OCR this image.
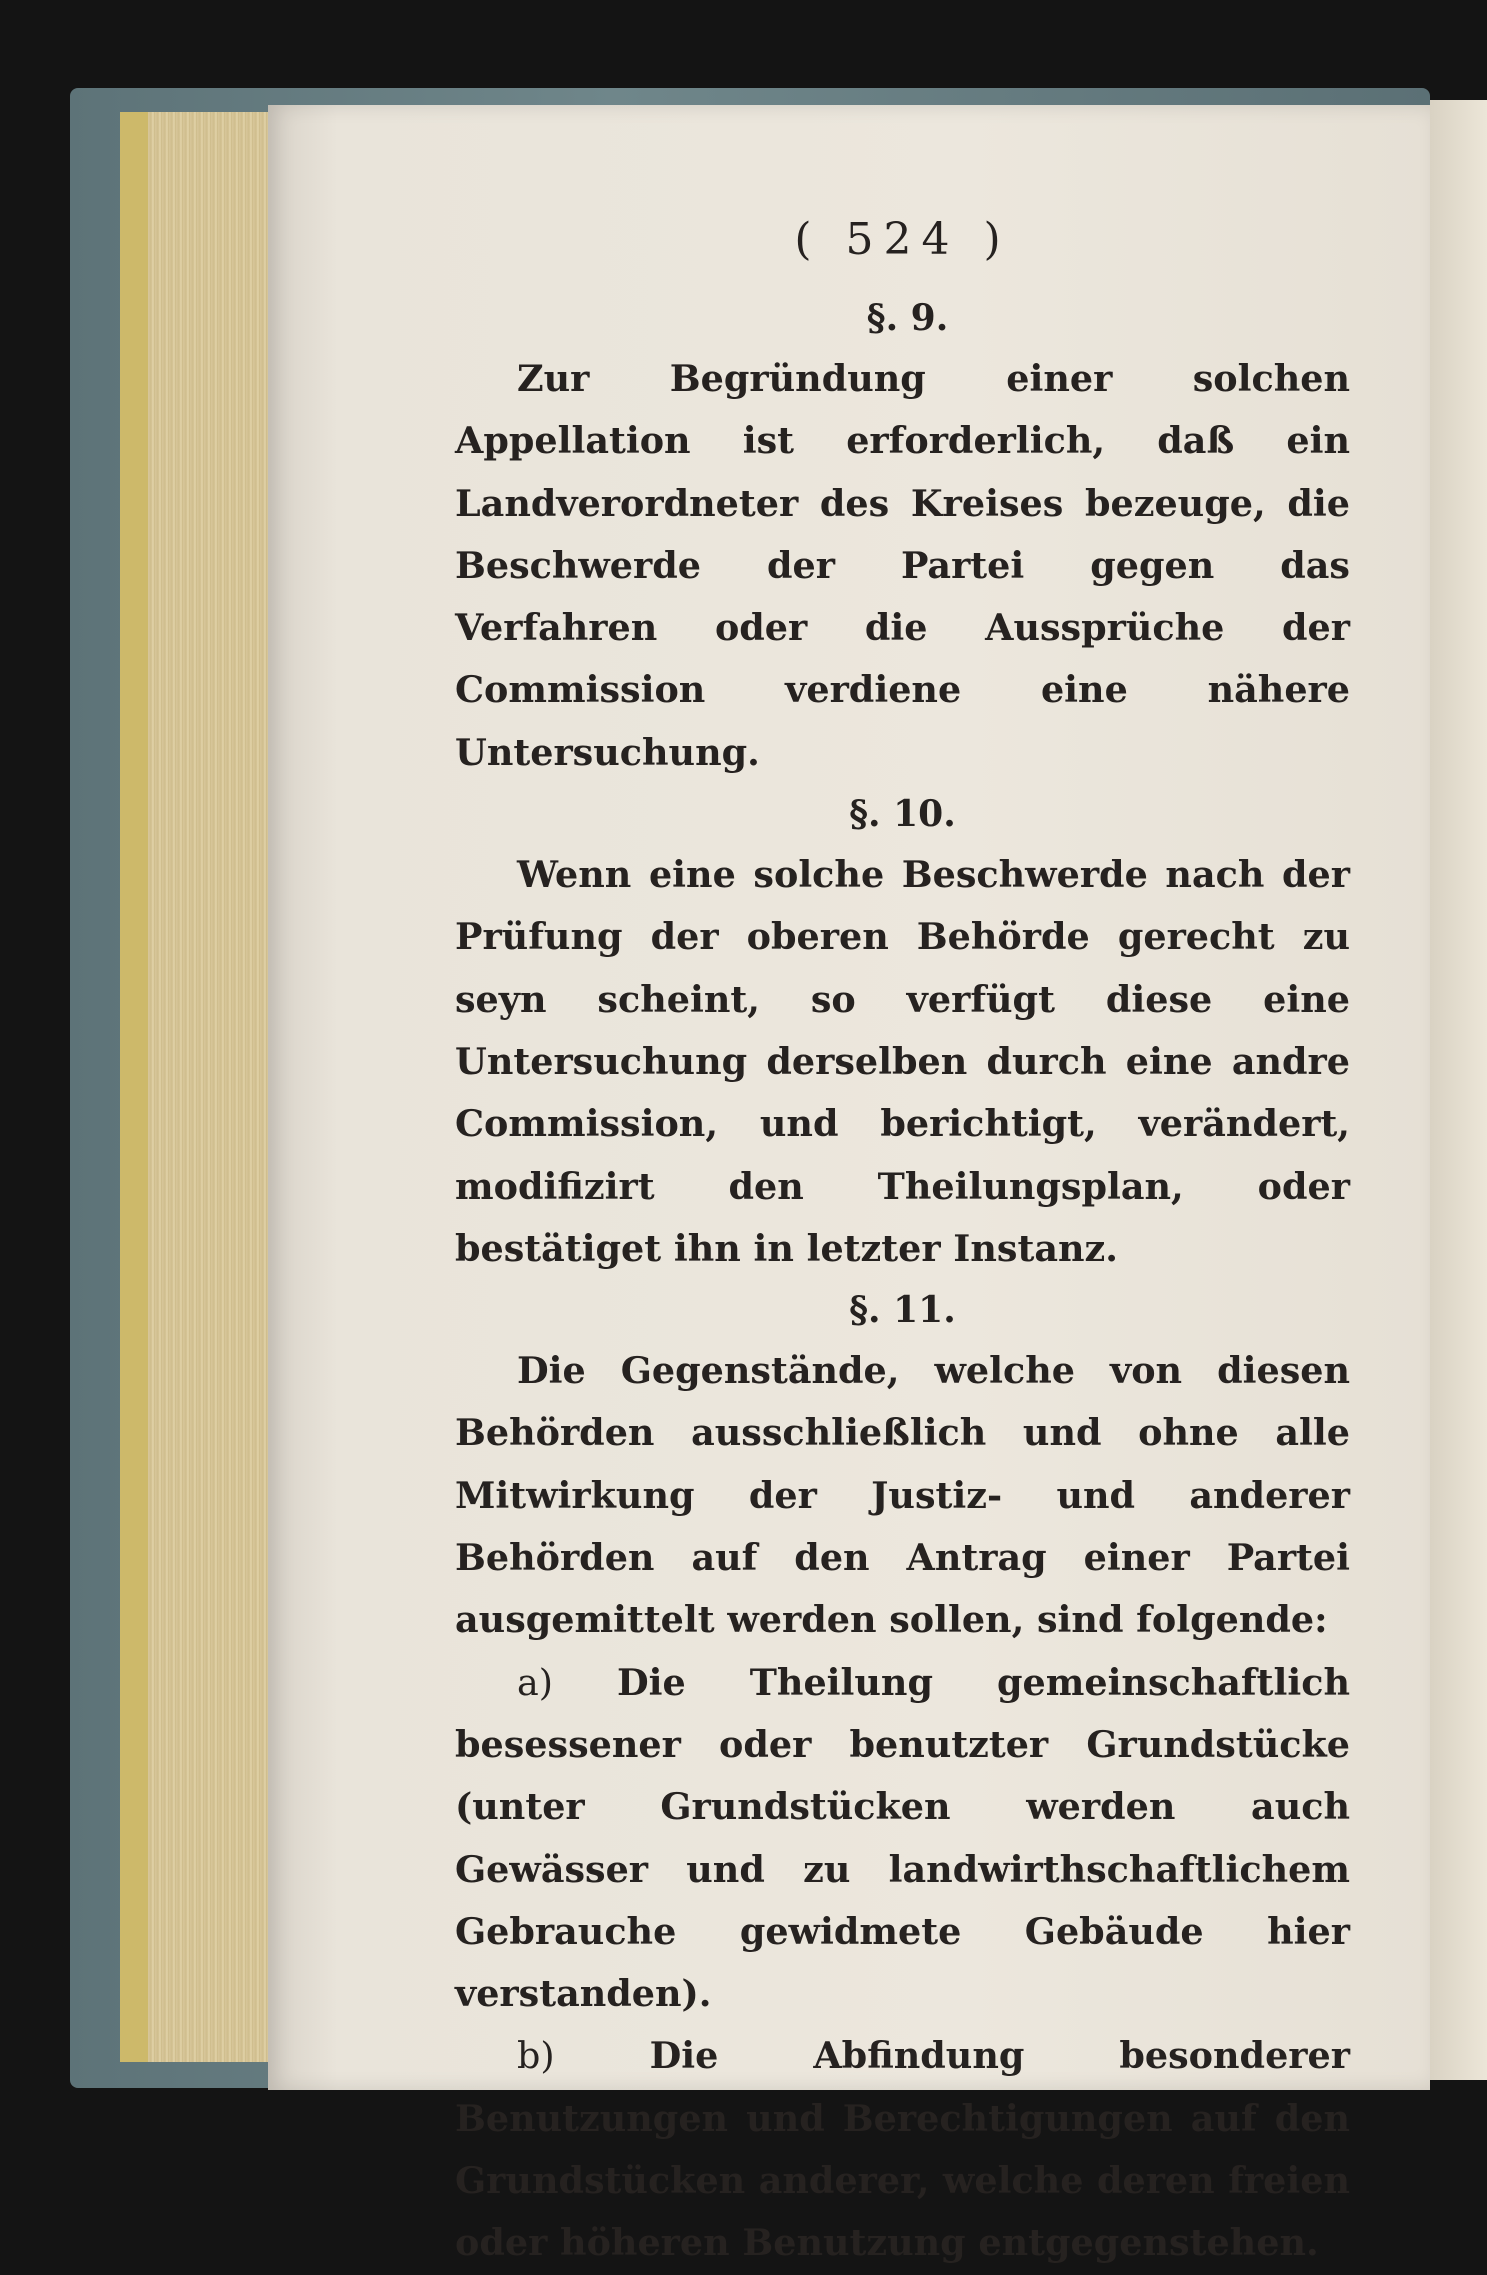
( 524 )
§. 9.

Zur Begründung einer solchen Appellation ist erforderlich, daß ein Landverordneter des Kreises bezeuge, die Beschwerde der Partei gegen das Verfahren oder die Aussprüche der Commission verdiene eine nähere Untersuchung.

§. 10.

Wenn eine solche Beschwerde nach der Prüfung der oberen Behörde gerecht zu seyn scheint, so verfügt diese eine Untersuchung derselben durch eine andre Commission, und berichtigt, verändert, modifizirt den Theilungsplan, oder bestätiget ihn in letzter Instanz.

§. 11.

Die Gegenstände, welche von diesen Behörden ausschließlich und ohne alle Mitwirkung der Justiz- und anderer Behörden auf den Antrag einer Partei ausgemittelt werden sollen, sind folgende:

a) Die Theilung gemeinschaftlich besessener oder benutzter Grundstücke (unter Grundstücken werden auch Gewässer und zu landwirthschaftlichem Gebrauche gewidmete Gebäude hier verstanden).

b)	Die Abfindung besonderer Benutzungen und Berechtigungen auf den Grundstücken anderer, welche deren freien oder höheren Benutzung entgegenstehen.
